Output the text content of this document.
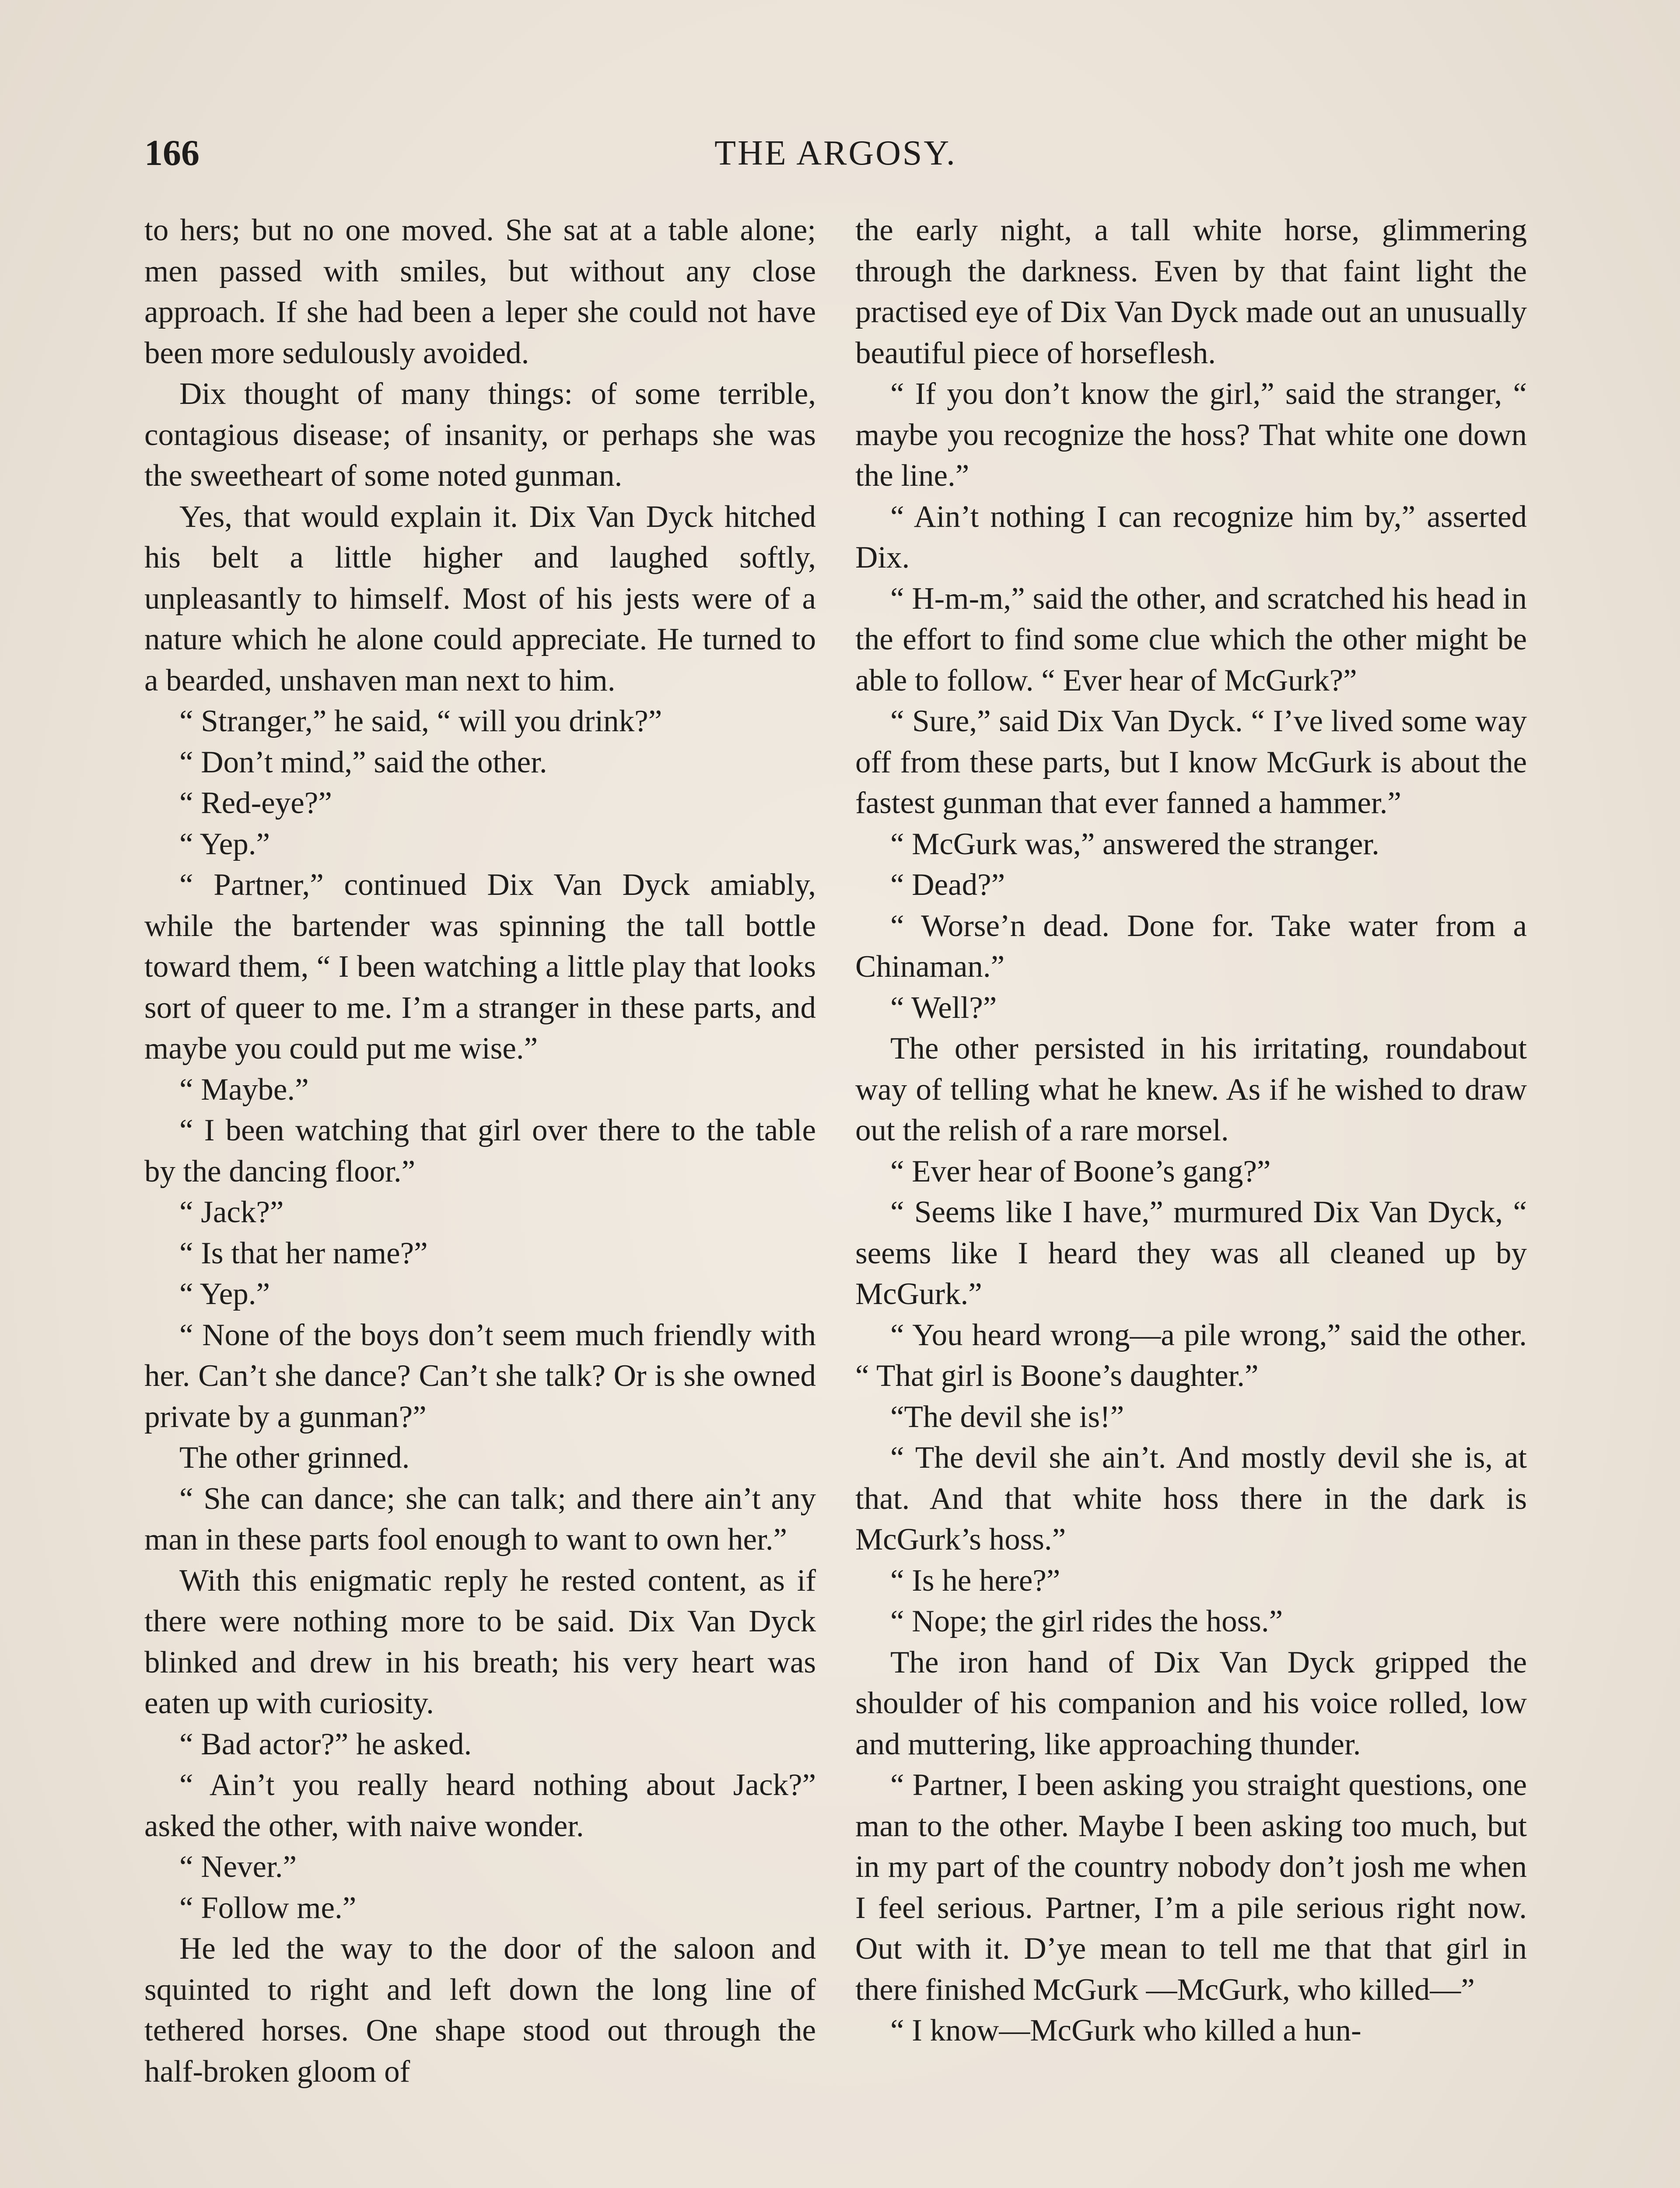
166	THE ARGOSY.

to hers; but no one moved. She sat at a table alone; men passed with smiles, but without any close approach. If she had been a leper she could not have been more sedulously avoided.

Dix thought of many things: of some terrible, contagious disease; of insanity, or perhaps she was the sweetheart of some noted gunman.

Yes, that would explain it. Dix Van Dyck hitched his belt a little higher and laughed softly, unpleasantly to himself. Most of his jests were of a nature which he alone could appreciate. He turned to a bearded, unshaven man next to him.

“ Stranger,” he said, “ will you drink?”

“ Don’t mind,” said the other.

“ Red-eye?”

“ Yep.”

“ Partner,” continued Dix Van Dyck amiably, while the bartender was spinning the tall bottle toward them, “ I been watching a little play that looks sort of queer to me. I’m a stranger in these parts, and maybe you could put me wise.”

“ Maybe.”

“ I been watching that girl over there to the table by the dancing floor.”

“ Jack?”

“ Is that her name?”

“ Yep.”

“ None of the boys don’t seem much friendly with her. Can’t she dance? Can’t she talk? Or is she owned private by a gunman?”

The other grinned.

“ She can dance; she can talk; and there ain’t any man in these parts fool enough to want to own her.”

With this enigmatic reply he rested content, as if there were nothing more to be said. Dix Van Dyck blinked and drew in his breath; his very heart was eaten up with curiosity.

“ Bad actor?” he asked.

“ Ain’t you really heard nothing about Jack?” asked the other, with naive wonder.

“ Never.”

“ Follow me.”

He led the way to the door of the saloon and squinted to right and left down the long line of tethered horses. One shape stood out through the half-broken gloom of

the early night, a tall white horse, glimmering through the darkness. Even by that faint light the practised eye of Dix Van Dyck made out an unusually beautiful piece of horseflesh.

“ If you don’t know the girl,” said the stranger, “ maybe you recognize the hoss? That white one down the line.”

“ Ain’t nothing I can recognize him by,” asserted Dix.

“ H-m-m,” said the other, and scratched his head in the effort to find some clue which the other might be able to follow. “ Ever hear of McGurk?”

“ Sure,” said Dix Van Dyck. “ I’ve lived some way off from these parts, but I know McGurk is about the fastest gunman that ever fanned a hammer.”

“ McGurk was,” answered the stranger.

“ Dead?”

“ Worse’n dead. Done for. Take water from a Chinaman.”

“ Well?”

The other persisted in his irritating, roundabout way of telling what he knew. As if he wished to draw out the relish of a rare morsel.

“ Ever hear of Boone’s gang?”

“ Seems like I have,” murmured Dix Van Dyck, “ seems like I heard they was all cleaned up by McGurk.”

“ You heard wrong—a pile wrong,” said the other. “ That girl is Boone’s daughter.”

“The devil she is!”

“ The devil she ain’t. And mostly devil she is, at that. And that white hoss there in the dark is McGurk’s hoss.”

“ Is he here?”

“ Nope; the girl rides the hoss.”

The iron hand of Dix Van Dyck gripped the shoulder of his companion and his voice rolled, low and muttering, like approaching thunder.

“ Partner, I been asking you straight questions, one man to the other. Maybe I been asking too much, but in my part of the country nobody don’t josh me when I feel serious. Partner, I’m a pile serious right now. Out with it. D’ye mean to tell me that that girl in there finished McGurk —McGurk, who killed—”

“ I know—McGurk who killed a hun-
